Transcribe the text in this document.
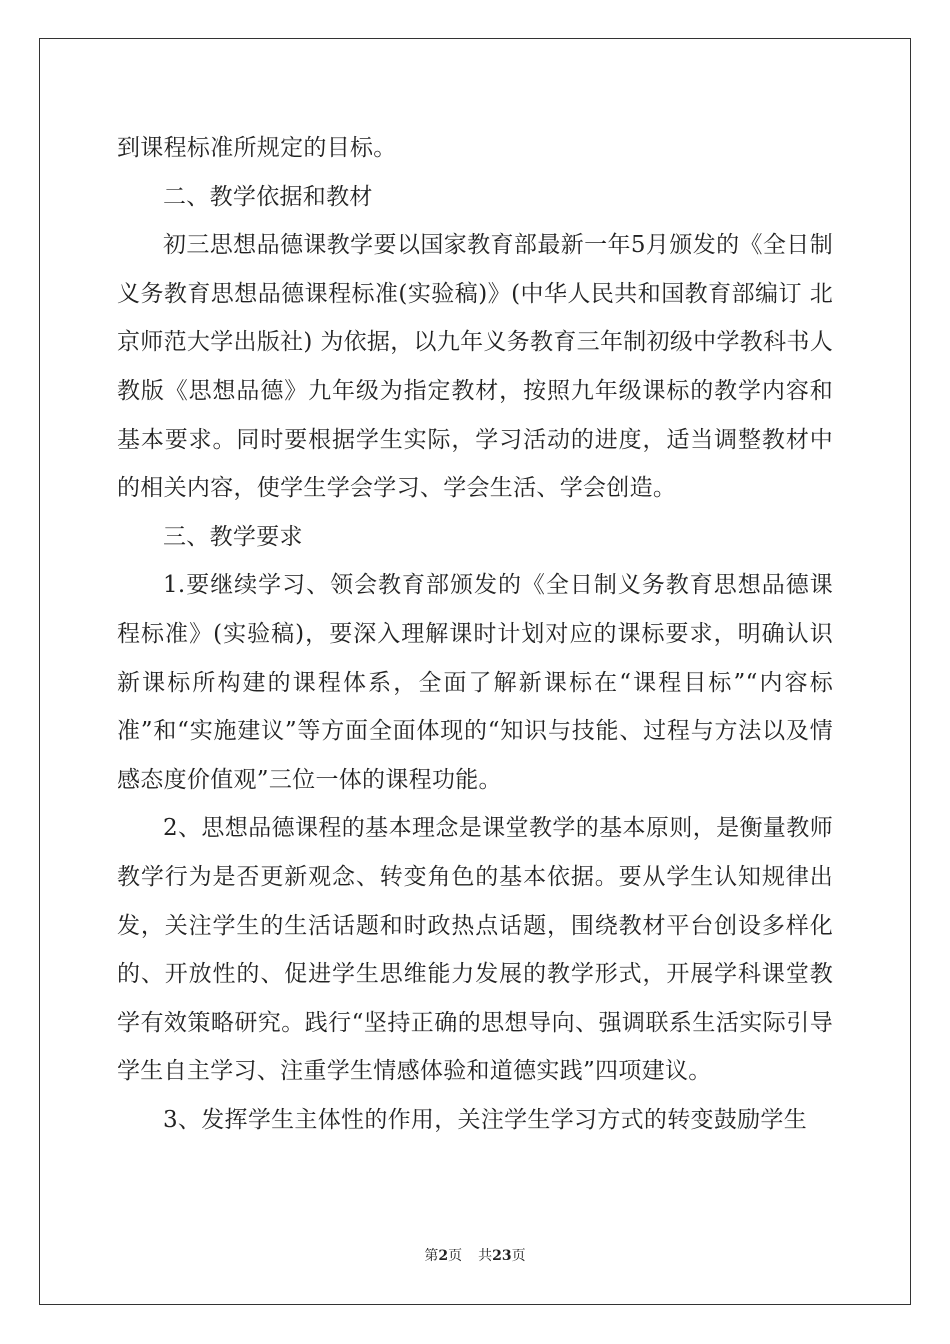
到课程标准所规定的目标。

二、教学依据和教材

初三思想品德课教学要以国家教育部最新一年5月颁发的《全日制义务教育思想品德课程标准(实验稿)》(中华人民共和国教育部编订 北京师范大学出版社) 为依据，以九年义务教育三年制初级中学教科书人教版《思想品德》九年级为指定教材，按照九年级课标的教学内容和基本要求。同时要根据学生实际，学习活动的进度，适当调整教材中的相关内容，使学生学会学习、学会生活、学会创造。

三、教学要求

1.要继续学习、领会教育部颁发的《全日制义务教育思想品德课程标准》(实验稿)，要深入理解课时计划对应的课标要求，明确认识新课标所构建的课程体系，全面了解新课标在“课程目标”“内容标准”和“实施建议”等方面全面体现的“知识与技能、过程与方法以及情感态度价值观”三位一体的课程功能。

2、思想品德课程的基本理念是课堂教学的基本原则，是衡量教师教学行为是否更新观念、转变角色的基本依据。要从学生认知规律出发，关注学生的生活话题和时政热点话题，围绕教材平台创设多样化的、开放性的、促进学生思维能力发展的教学形式，开展学科课堂教学有效策略研究。践行“坚持正确的思想导向、强调联系生活实际引导学生自主学习、注重学生情感体验和道德实践”四项建议。

3、发挥学生主体性的作用，关注学生学习方式的转变鼓励学生

第2页 共23页
